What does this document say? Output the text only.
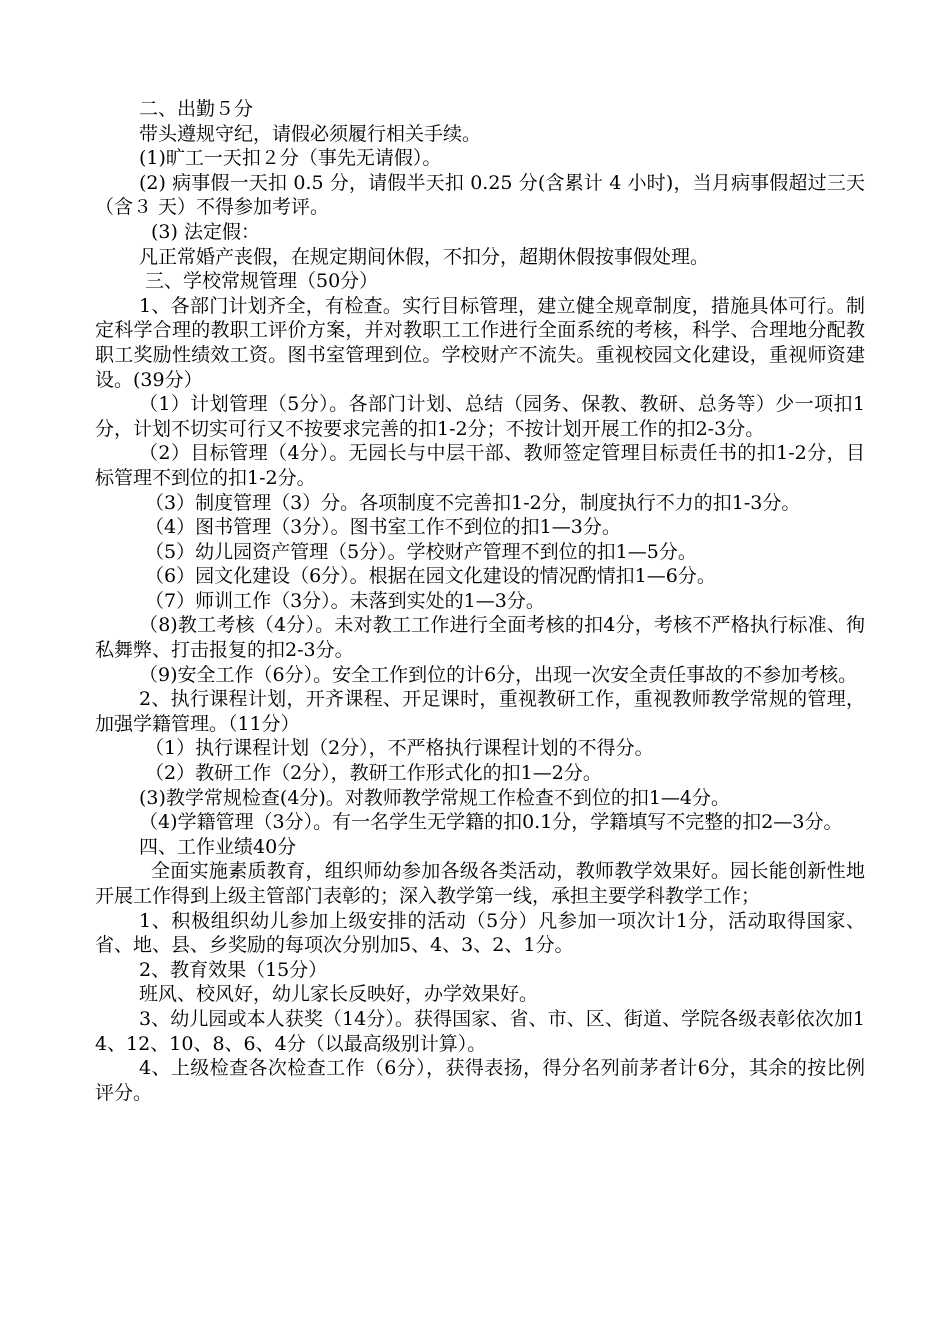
二、出勤５分

带头遵规守纪，请假必须履行相关手续。

(1)旷工一天扣２分（事先无请假）。

(2) 病事假一天扣 0.5 分，请假半天扣 0.25 分(含累计 4 小时)，当月病事假超过三天（含３ 天）不得参加考评。

(3) 法定假：

凡正常婚产丧假，在规定期间休假，不扣分，超期休假按事假处理。

三、学校常规管理（50分）

1、各部门计划齐全，有检查。实行目标管理，建立健全规章制度，措施具体可行。制定科学合理的教职工评价方案，并对教职工工作进行全面系统的考核，科学、合理地分配教职工奖励性绩效工资。图书室管理到位。学校财产不流失。重视校园文化建设，重视师资建设。(39分）

（1）计划管理（5分）。各部门计划、总结（园务、保教、教研、总务等）少一项扣1分，计划不切实可行又不按要求完善的扣1-2分；不按计划开展工作的扣2-3分。

（2）目标管理（4分）。无园长与中层干部、教师签定管理目标责任书的扣1-2分，目标管理不到位的扣1-2分。

（3）制度管理（3）分。各项制度不完善扣1-2分，制度执行不力的扣1-3分。

（4）图书管理（3分）。图书室工作不到位的扣1—3分。

（5）幼儿园资产管理（5分）。学校财产管理不到位的扣1—5分。

（6）园文化建设（6分）。根据在园文化建设的情况酌情扣1—6分。

（7）师训工作（3分）。未落到实处的1—3分。

（8)教工考核（4分）。未对教工工作进行全面考核的扣4分，考核不严格执行标准、徇私舞弊、打击报复的扣2-3分。

（9)安全工作（6分）。安全工作到位的计6分，出现一次安全责任事故的不参加考核。

2、执行课程计划，开齐课程、开足课时，重视教研工作，重视教师教学常规的管理，加强学籍管理。（11分）

（1）执行课程计划（2分），不严格执行课程计划的不得分。

（2）教研工作（2分），教研工作形式化的扣1—2分。

(3)教学常规检查(4分)。对教师教学常规工作检查不到位的扣1—4分。

（4)学籍管理（3分）。有一名学生无学籍的扣0.1分，学籍填写不完整的扣2—3分。

四、工作业绩40分

全面实施素质教育，组织师幼参加各级各类活动，教师教学效果好。园长能创新性地开展工作得到上级主管部门表彰的；深入教学第一线，承担主要学科教学工作；

1、积极组织幼儿参加上级安排的活动（5分）凡参加一项次计1分，活动取得国家、省、地、县、乡奖励的每项次分别加5、4、3、2、1分。

2、教育效果（15分）

班风、校风好，幼儿家长反映好，办学效果好。

3、幼儿园或本人获奖（14分）。获得国家、省、市、区、街道、学院各级表彰依次加14、12、10、8、6、4分（以最高级别计算）。

4、上级检查各次检查工作（6分），获得表扬，得分名列前茅者计6分，其余的按比例评分。
